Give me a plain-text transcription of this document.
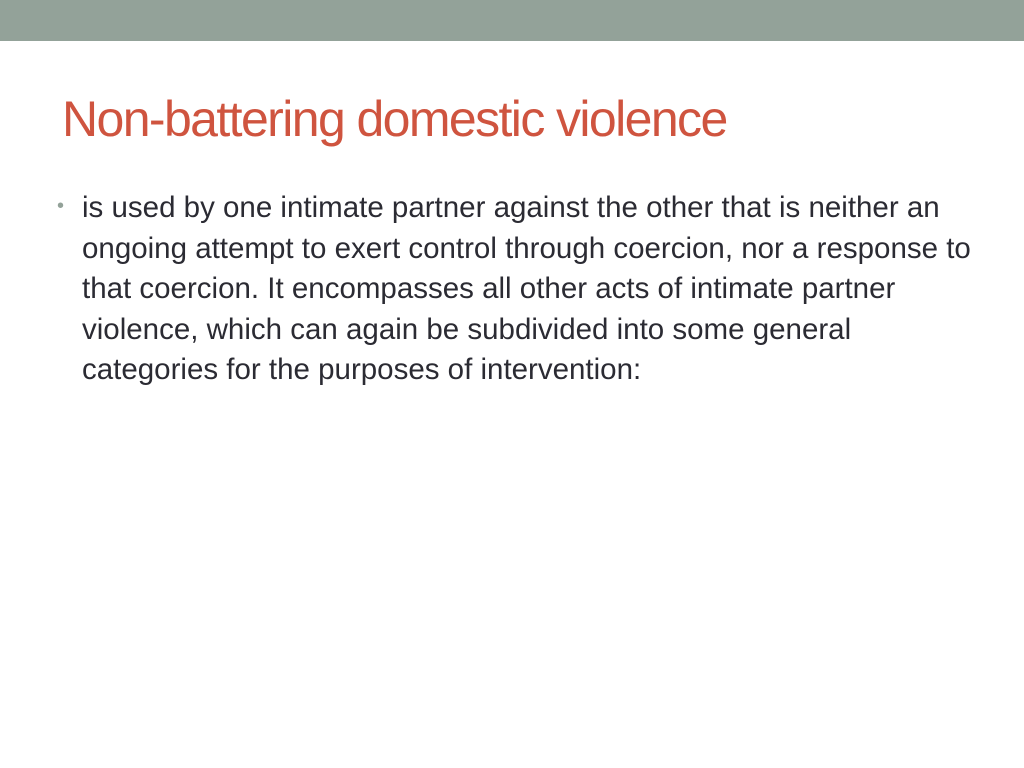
Non-battering domestic violence
• is used by one intimate partner against the other that is neither an ongoing attempt to exert control through coercion, nor a response to that coercion. It encompasses all other acts of intimate partner violence, which can again be subdivided into some general categories for the purposes of intervention:
